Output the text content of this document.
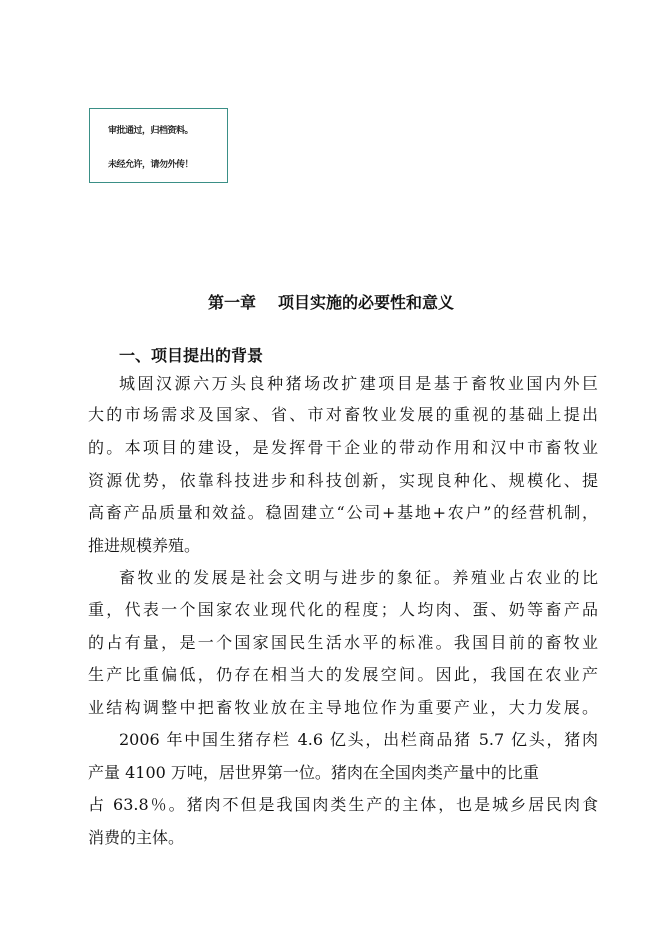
审批通过，归档资料。
未经允许，请勿外传！
第一章 项目实施的必要性和意义
一、项目提出的背景
城固汉源六万头良种猪场改扩建项目是基于畜牧业国内外巨
大的市场需求及国家、省、市对畜牧业发展的重视的基础上提出
的。本项目的建设，是发挥骨干企业的带动作用和汉中市畜牧业
资源优势，依靠科技进步和科技创新，实现良种化、规模化、提
高畜产品质量和效益。稳固建立“公司+基地+农户”的经营机制，
推进规模养殖。
畜牧业的发展是社会文明与进步的象征。养殖业占农业的比
重，代表一个国家农业现代化的程度；人均肉、蛋、奶等畜产品
的占有量，是一个国家国民生活水平的标准。我国目前的畜牧业
生产比重偏低，仍存在相当大的发展空间。因此，我国在农业产
业结构调整中把畜牧业放在主导地位作为重要产业，大力发展。
2006 年中国生猪存栏 4.6 亿头，出栏商品猪 5.7 亿头，猪肉
产量 4100 万吨，居世界第一位。猪肉在全国肉类产量中的比重
占 63.8％。猪肉不但是我国肉类生产的主体，也是城乡居民肉食
消费的主体。
